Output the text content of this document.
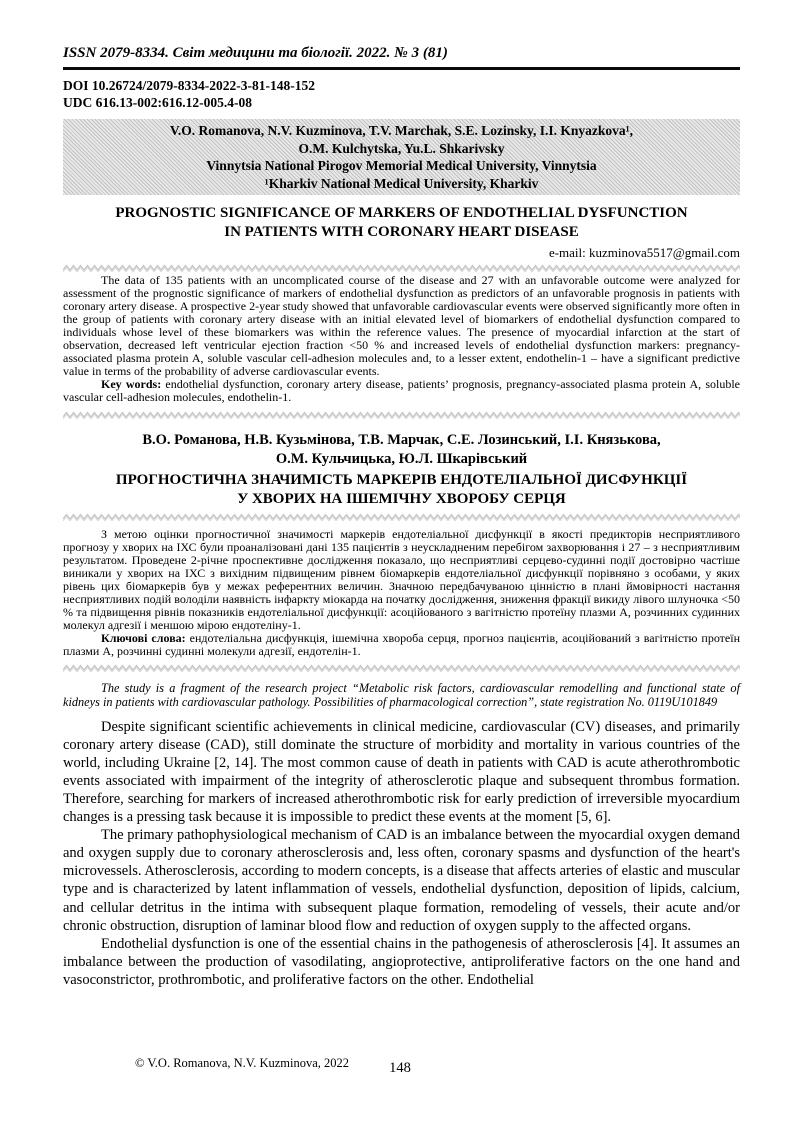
ISSN 2079-8334. Світ медицини та біології. 2022. № 3 (81)
DOI 10.26724/2079-8334-2022-3-81-148-152
UDC 616.13-002:616.12-005.4-08
V.O. Romanova, N.V. Kuzminova, T.V. Marchak, S.E. Lozinsky, I.I. Knyazkova¹,
O.M. Kulchytska, Yu.L. Shkarivsky
Vinnytsia National Pirogov Memorial Medical University, Vinnytsia
¹Kharkiv National Medical University, Kharkiv
PROGNOSTIC SIGNIFICANCE OF MARKERS OF ENDOTHELIAL DYSFUNCTION
IN PATIENTS WITH CORONARY HEART DISEASE
e-mail: kuzminova5517@gmail.com

The data of 135 patients with an uncomplicated course of the disease and 27 with an unfavorable outcome were analyzed for assessment of the prognostic significance of markers of endothelial dysfunction as predictors of an unfavorable prognosis in patients with coronary artery disease. A prospective 2-year study showed that unfavorable cardiovascular events were observed significantly more often in the group of patients with coronary artery disease with an initial elevated level of biomarkers of endothelial dysfunction compared to individuals whose level of these biomarkers was within the reference values. The presence of myocardial infarction at the start of observation, decreased left ventricular ejection fraction <50 % and increased levels of endothelial dysfunction markers: pregnancy-associated plasma protein A, soluble vascular cell-adhesion molecules and, to a lesser extent, endothelin-1 – have a significant predictive value in terms of the probability of adverse cardiovascular events.

Key words: endothelial dysfunction, coronary artery disease, patients’ prognosis, pregnancy-associated plasma protein A, soluble vascular cell-adhesion molecules, endothelin-1.

В.О. Романова, Н.В. Кузьмінова, Т.В. Марчак, С.Е. Лозинський, І.І. Князькова,
О.М. Кульчицька, Ю.Л. Шкарівський
ПРОГНОСТИЧНА ЗНАЧИМІСТЬ МАРКЕРІВ ЕНДОТЕЛІАЛЬНОЇ ДИСФУНКЦІЇ
У ХВОРИХ НА ІШЕМІЧНУ ХВОРОБУ СЕРЦЯ

З метою оцінки прогностичної значимості маркерів ендотеліальної дисфункції в якості предикторів несприятливого прогнозу у хворих на ІХС були проаналізовані дані 135 пацієнтів з неускладненим перебігом захворювання і 27 – з несприятливим результатом. Проведене 2-річне проспективне дослідження показало, що несприятливі серцево-судинні події достовірно частіше виникали у хворих на ІХС з вихідним підвищеним рівнем біомаркерів ендотеліальної дисфункції порівняно з особами, у яких рівень цих біомаркерів був у межах референтних величин. Значною передбачуваною цінністю в плані ймовірності настання несприятливих подій володіли наявність інфаркту міокарда на початку дослідження, зниження фракції викиду лівого шлуночка <50 % та підвищення рівнів показників ендотеліальної дисфункції: асоційованого з вагітністю протеїну плазми А, розчинних судинних молекул адгезії і меншою мірою ендотеліну-1.

Ключові слова: ендотеліальна дисфункція, ішемічна хвороба серця, прогноз пацієнтів, асоційований з вагітністю протеїн плазми А, розчинні судинні молекули адгезії, ендотелін-1.

The study is a fragment of the research project “Metabolic risk factors, cardiovascular remodelling and functional state of kidneys in patients with cardiovascular pathology. Possibilities of pharmacological correction”, state registration No. 0119U101849

Despite significant scientific achievements in clinical medicine, cardiovascular (CV) diseases, and primarily coronary artery disease (CAD), still dominate the structure of morbidity and mortality in various countries of the world, including Ukraine [2, 14]. The most common cause of death in patients with CAD is acute atherothrombotic events associated with impairment of the integrity of atherosclerotic plaque and subsequent thrombus formation. Therefore, searching for markers of increased atherothrombotic risk for early prediction of irreversible myocardium changes is a pressing task because it is impossible to predict these events at the moment [5, 6].

The primary pathophysiological mechanism of CAD is an imbalance between the myocardial oxygen demand and oxygen supply due to coronary atherosclerosis and, less often, coronary spasms and dysfunction of the heart's microvessels. Atherosclerosis, according to modern concepts, is a disease that affects arteries of elastic and muscular type and is characterized by latent inflammation of vessels, endothelial dysfunction, deposition of lipids, calcium, and cellular detritus in the intima with subsequent plaque formation, remodeling of vessels, their acute and/or chronic obstruction, disruption of laminar blood flow and reduction of oxygen supply to the affected organs.

Endothelial dysfunction is one of the essential chains in the pathogenesis of atherosclerosis [4]. It assumes an imbalance between the production of vasodilating, angioprotective, antiproliferative factors on the one hand and vasoconstrictor, prothrombotic, and proliferative factors on the other. Endothelial

© V.O. Romanova, N.V. Kuzminova, 2022	148
